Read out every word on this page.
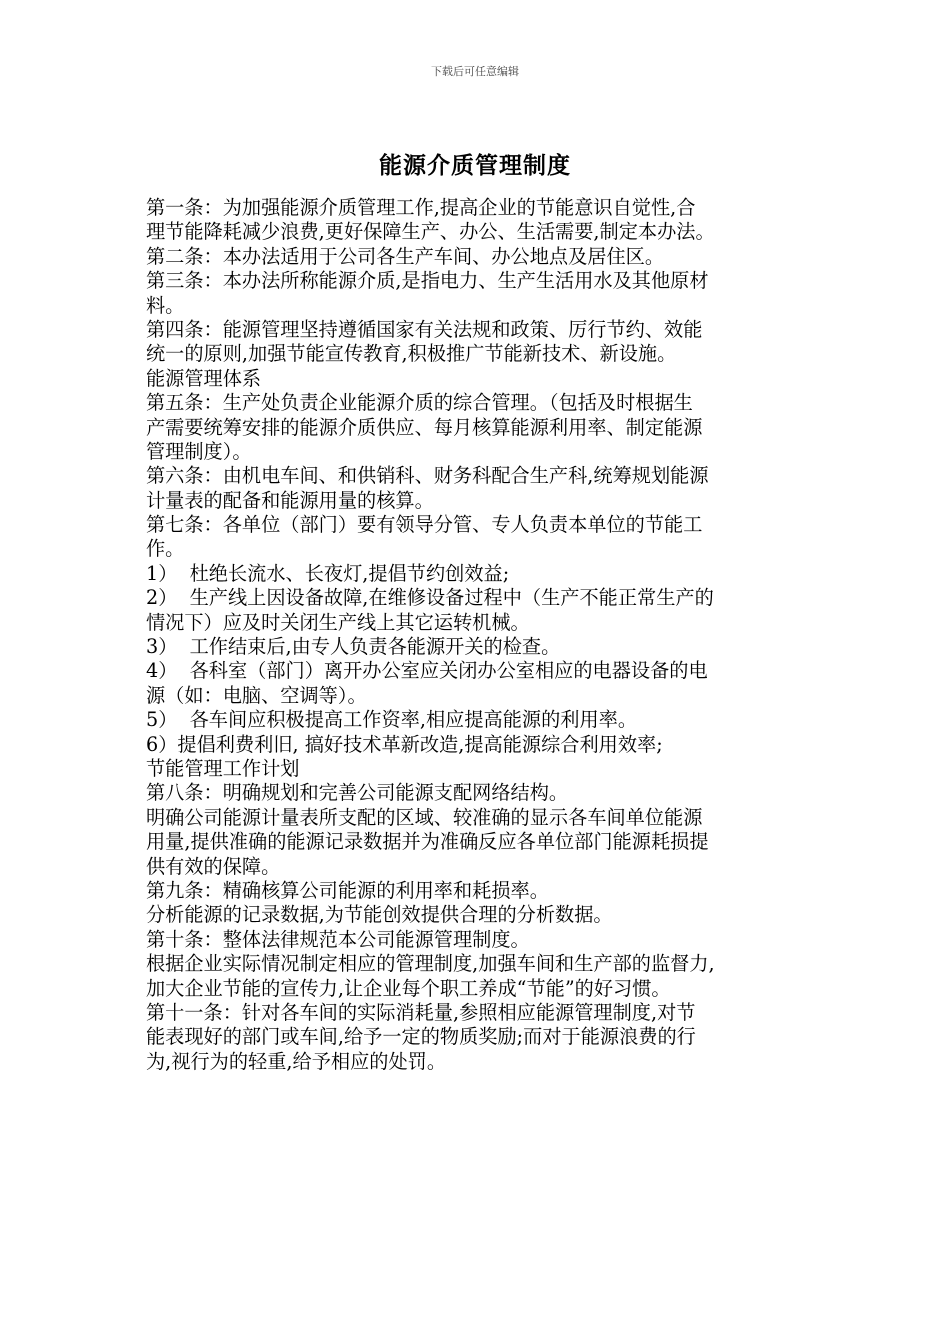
下载后可任意编辑
能源介质管理制度
第一条：为加强能源介质管理工作,提高企业的节能意识自觉性,合
理节能降耗减少浪费,更好保障生产、办公、生活需要,制定本办法。
第二条：本办法适用于公司各生产车间、办公地点及居住区。
第三条：本办法所称能源介质,是指电力、生产生活用水及其他原材
料。
第四条：能源管理坚持遵循国家有关法规和政策、厉行节约、效能
统一的原则,加强节能宣传教育,积极推广节能新技术、新设施。
能源管理体系
第五条：生产处负责企业能源介质的综合管理。（包括及时根据生
产需要统筹安排的能源介质供应、每月核算能源利用率、制定能源
管理制度）。
第六条：由机电车间、和供销科、财务科配合生产科,统筹规划能源
计量表的配备和能源用量的核算。
第七条：各单位（部门）要有领导分管、专人负责本单位的节能工
作。
1）  杜绝长流水、长夜灯,提倡节约创效益;
2）  生产线上因设备故障,在维修设备过程中（生产不能正常生产的
情况下）应及时关闭生产线上其它运转机械。
3）  工作结束后,由专人负责各能源开关的检查。
4）  各科室（部门）离开办公室应关闭办公室相应的电器设备的电
源（如：电脑、空调等）。
5）  各车间应积极提高工作资率,相应提高能源的利用率。
6）提倡利费利旧, 搞好技术革新改造,提高能源综合利用效率;
节能管理工作计划
第八条：明确规划和完善公司能源支配网络结构。
明确公司能源计量表所支配的区域、较准确的显示各车间单位能源
用量,提供准确的能源记录数据并为准确反应各单位部门能源耗损提
供有效的保障。
第九条：精确核算公司能源的利用率和耗损率。
分析能源的记录数据,为节能创效提供合理的分析数据。
第十条：整体法律规范本公司能源管理制度。
根据企业实际情况制定相应的管理制度,加强车间和生产部的监督力,
加大企业节能的宣传力,让企业每个职工养成“节能”的好习惯。
第十一条：针对各车间的实际消耗量,参照相应能源管理制度,对节
能表现好的部门或车间,给予一定的物质奖励;而对于能源浪费的行
为,视行为的轻重,给予相应的处罚。
